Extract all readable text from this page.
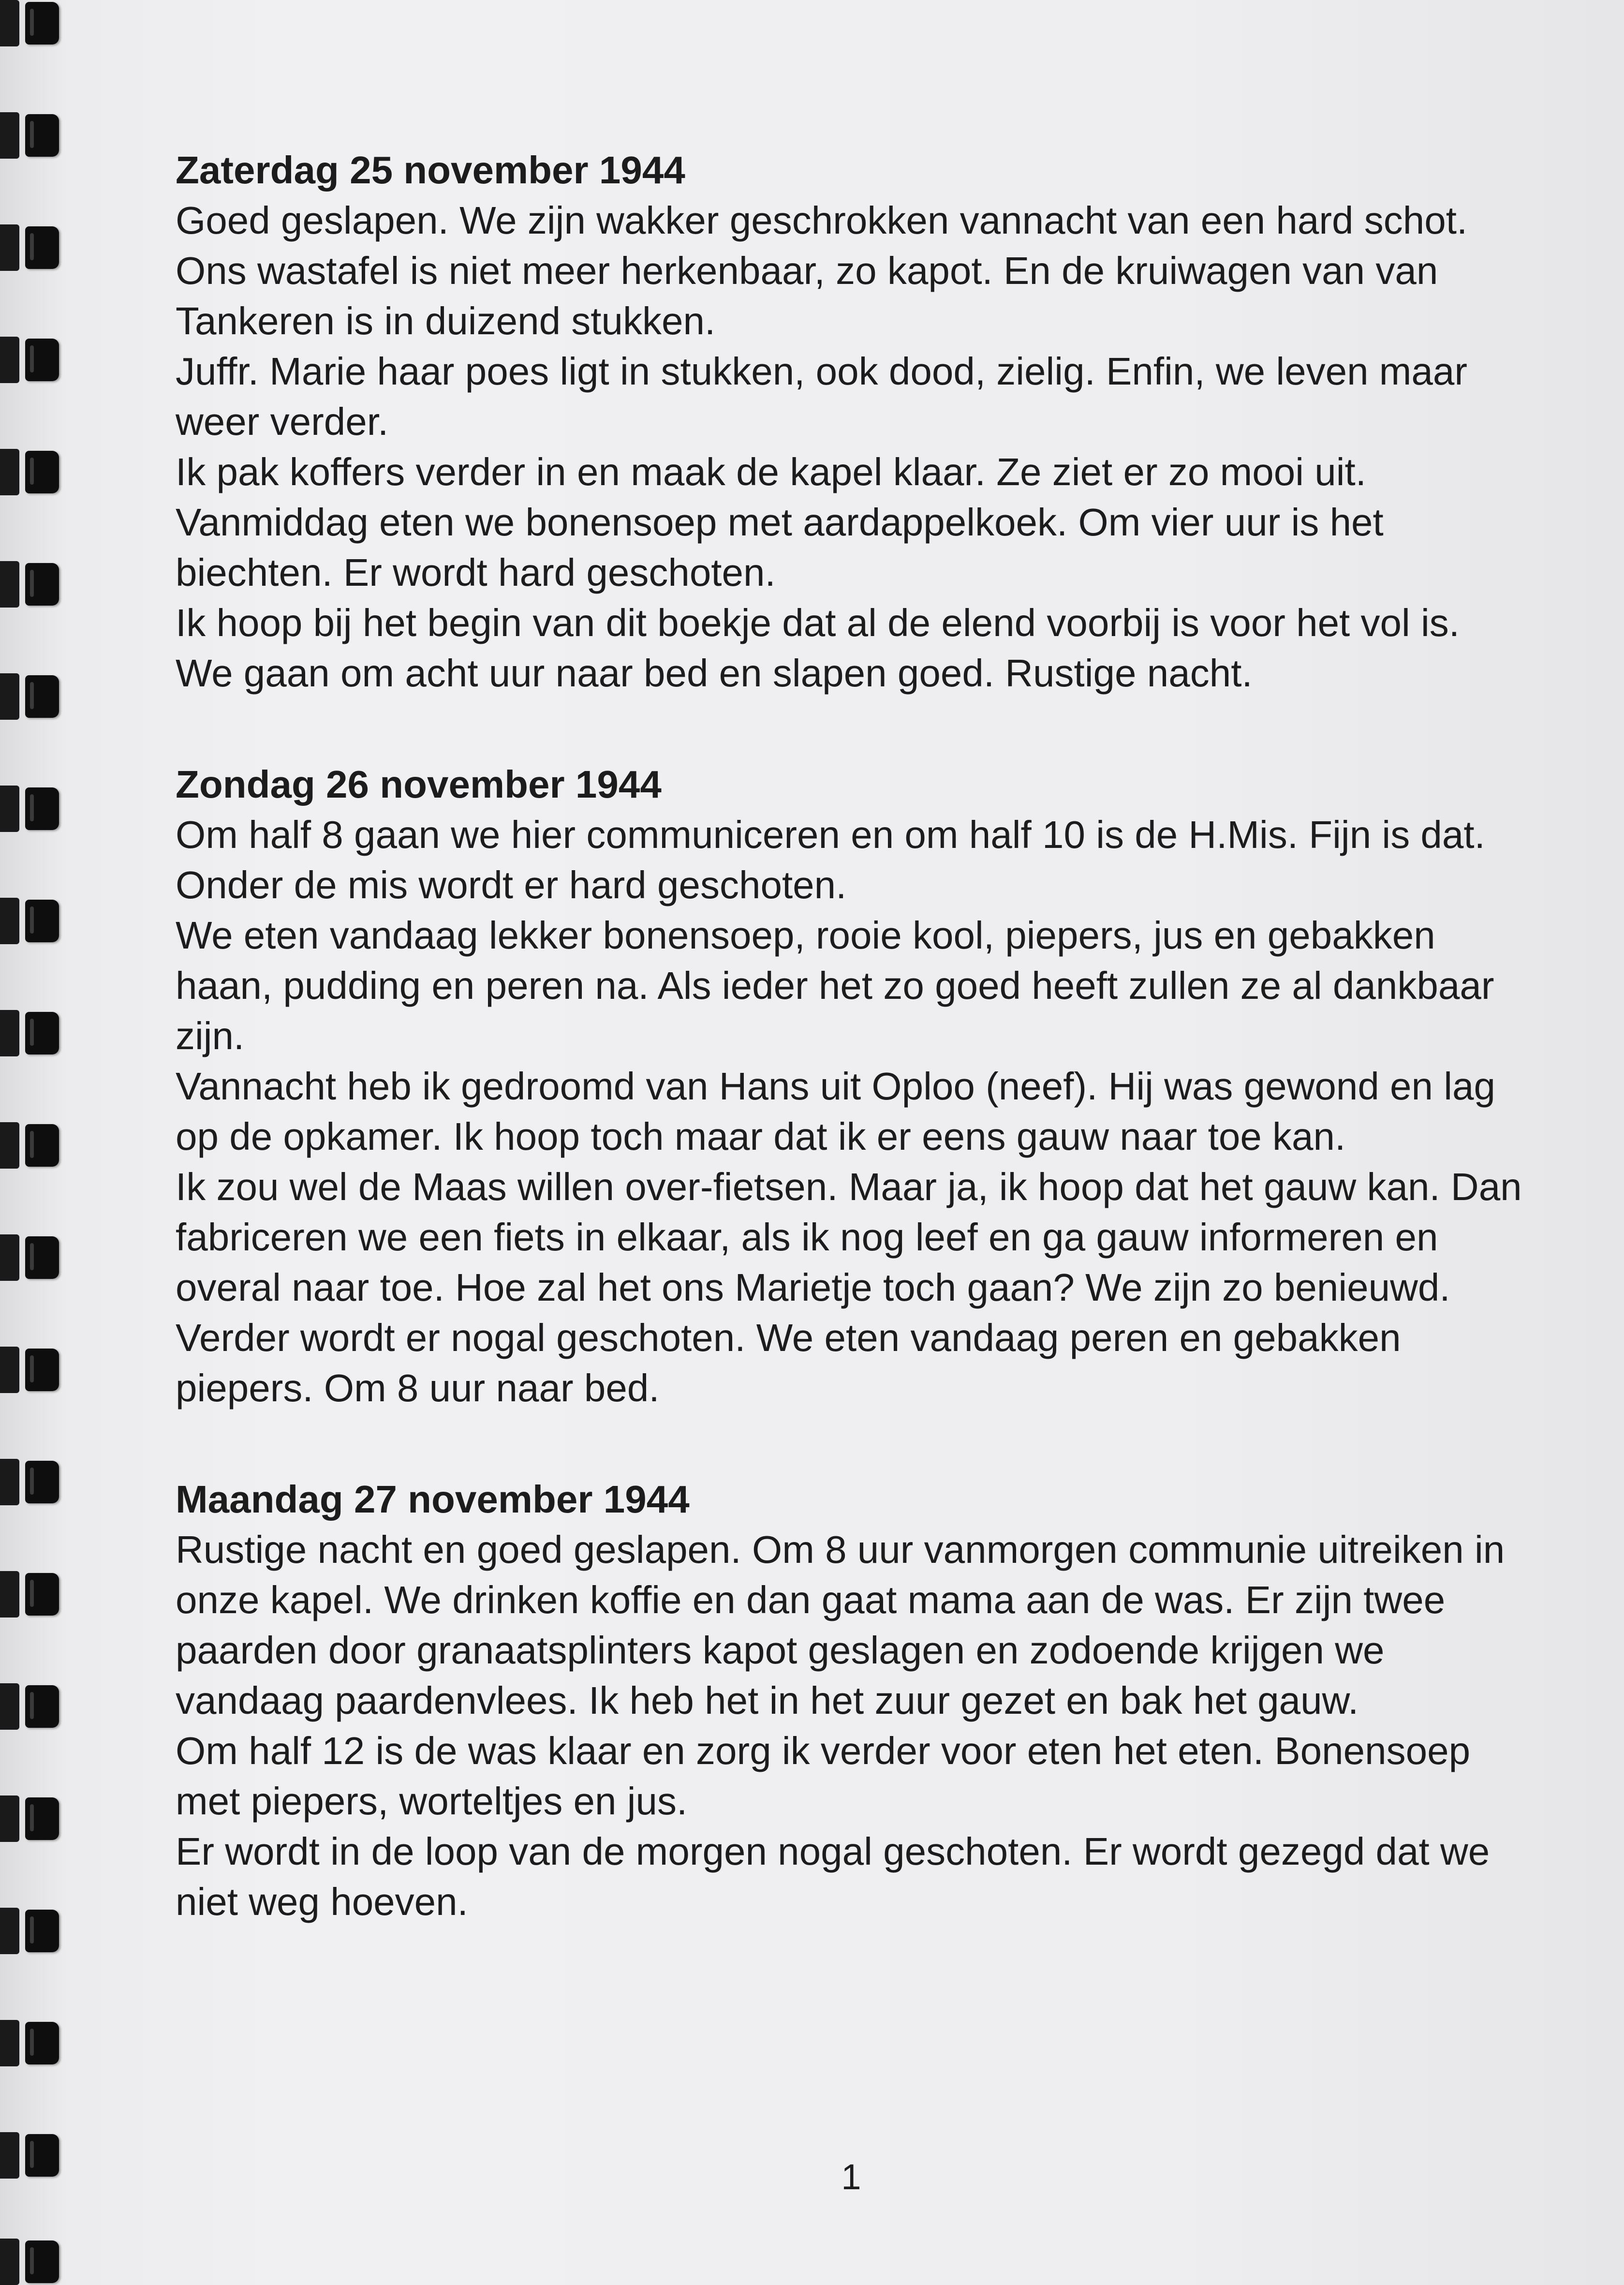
Zaterdag 25 november 1944

Goed geslapen. We zijn wakker geschrokken vannacht van een hard schot. Ons wastafel is niet meer herkenbaar, zo kapot. En de kruiwagen van van Tankeren is in duizend stukken.

Juffr. Marie haar poes ligt in stukken, ook dood, zielig. Enfin, we leven maar weer verder.

Ik pak koffers verder in en maak de kapel klaar. Ze ziet er zo mooi uit. Vanmiddag eten we bonensoep met aardappelkoek. Om vier uur is het biechten. Er wordt hard geschoten.

Ik hoop bij het begin van dit boekje dat al de elend voorbij is voor het vol is. We gaan om acht uur naar bed en slapen goed. Rustige nacht.

Zondag 26 november 1944

Om half 8 gaan we hier communiceren en om half 10 is de H.Mis. Fijn is dat. Onder de mis wordt er hard geschoten.

We eten vandaag lekker bonensoep, rooie kool, piepers, jus en gebakken haan, pudding en peren na. Als ieder het zo goed heeft zullen ze al dankbaar zijn.

Vannacht heb ik gedroomd van Hans uit Oploo (neef). Hij was gewond en lag op de opkamer. Ik hoop toch maar dat ik er eens gauw naar toe kan.

Ik zou wel de Maas willen over-fietsen. Maar ja, ik hoop dat het gauw kan. Dan fabriceren we een fiets in elkaar, als ik nog leef en ga gauw informeren en overal naar toe. Hoe zal het ons Marietje toch gaan? We zijn zo benieuwd. Verder wordt er nogal geschoten. We eten vandaag peren en gebakken piepers. Om 8 uur naar bed.

Maandag 27 november 1944

Rustige nacht en goed geslapen. Om 8 uur vanmorgen communie uitreiken in onze kapel. We drinken koffie en dan gaat mama aan de was. Er zijn twee paarden door granaatsplinters kapot geslagen en zodoende krijgen we vandaag paardenvlees. Ik heb het in het zuur gezet en bak het gauw.

Om half 12 is de was klaar en zorg ik verder voor eten het eten. Bonensoep met piepers, worteltjes en jus.

Er wordt in de loop van de morgen nogal geschoten. Er wordt gezegd dat we niet weg hoeven.

1
